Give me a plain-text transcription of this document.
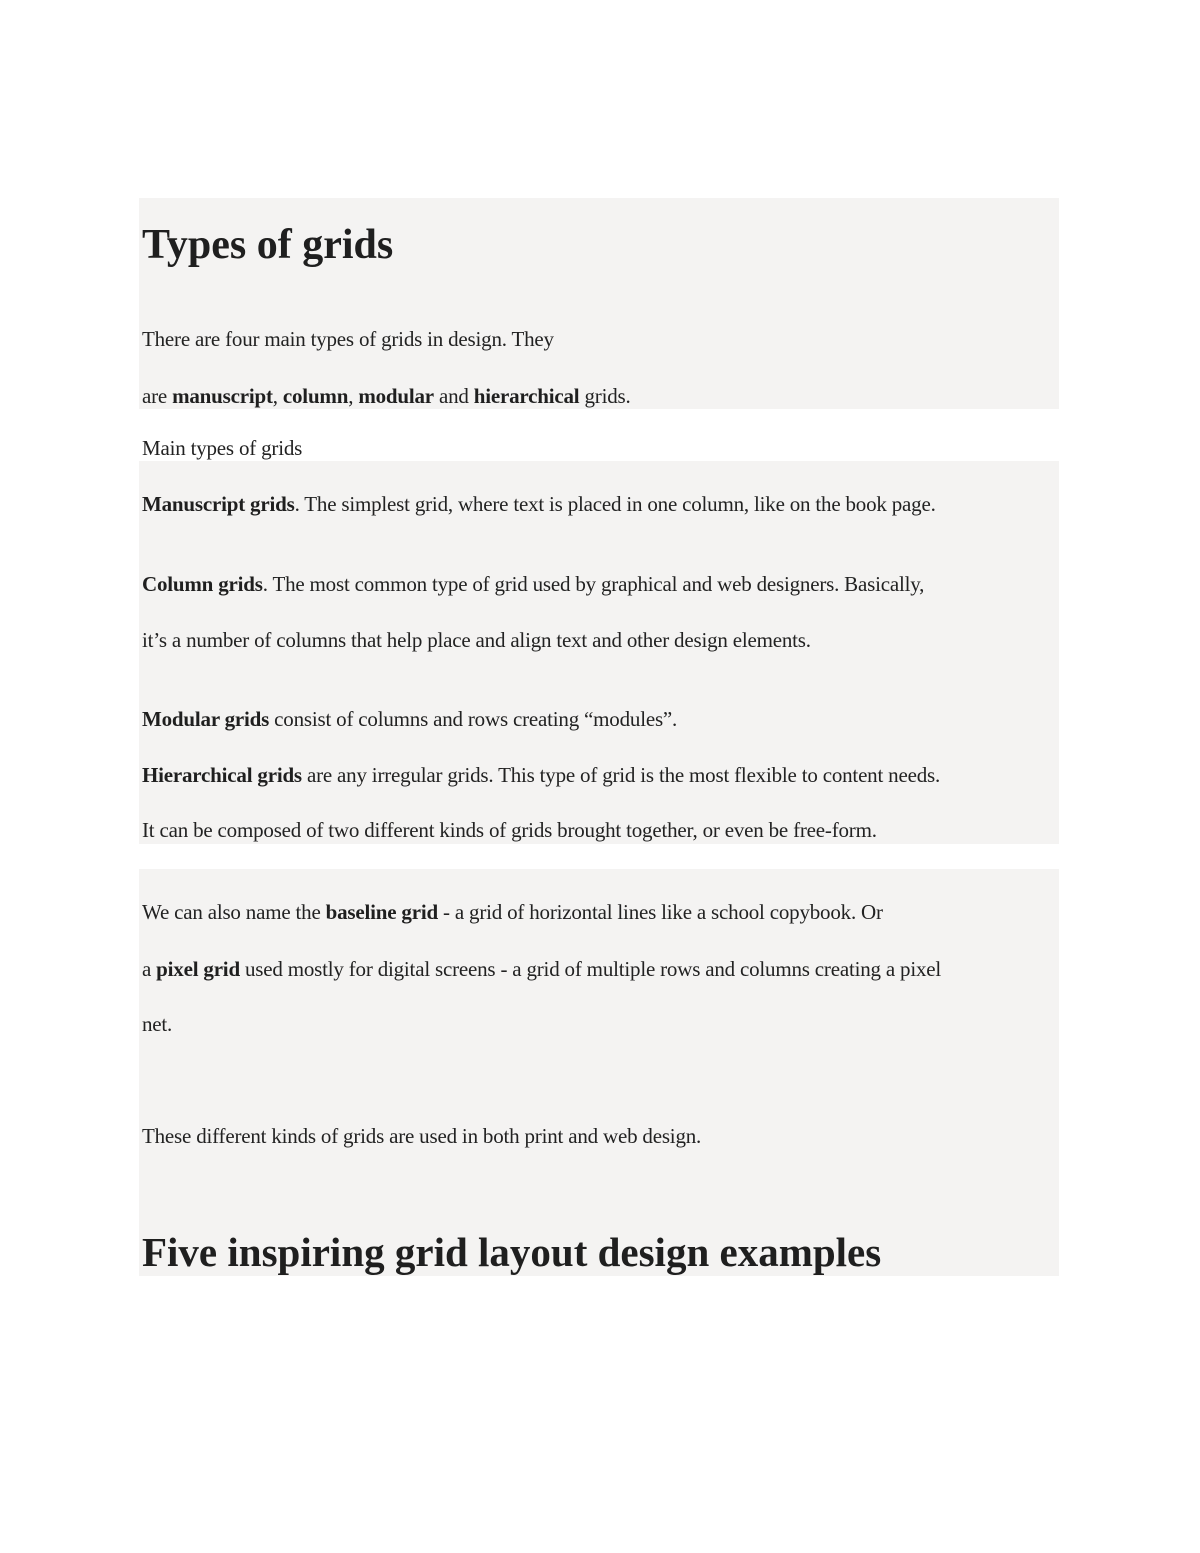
Types of grids
There are four main types of grids in design. They
are manuscript, column, modular and hierarchical grids.
Main types of grids
Manuscript grids. The simplest grid, where text is placed in one column, like on the book page.
Column grids. The most common type of grid used by graphical and web designers. Basically,
it’s a number of columns that help place and align text and other design elements.
Modular grids consist of columns and rows creating “modules”.
Hierarchical grids are any irregular grids. This type of grid is the most flexible to content needs.
It can be composed of two different kinds of grids brought together, or even be free-form.
We can also name the baseline grid - a grid of horizontal lines like a school copybook. Or
a pixel grid used mostly for digital screens - a grid of multiple rows and columns creating a pixel
net.
These different kinds of grids are used in both print and web design.
Five inspiring grid layout design examples
